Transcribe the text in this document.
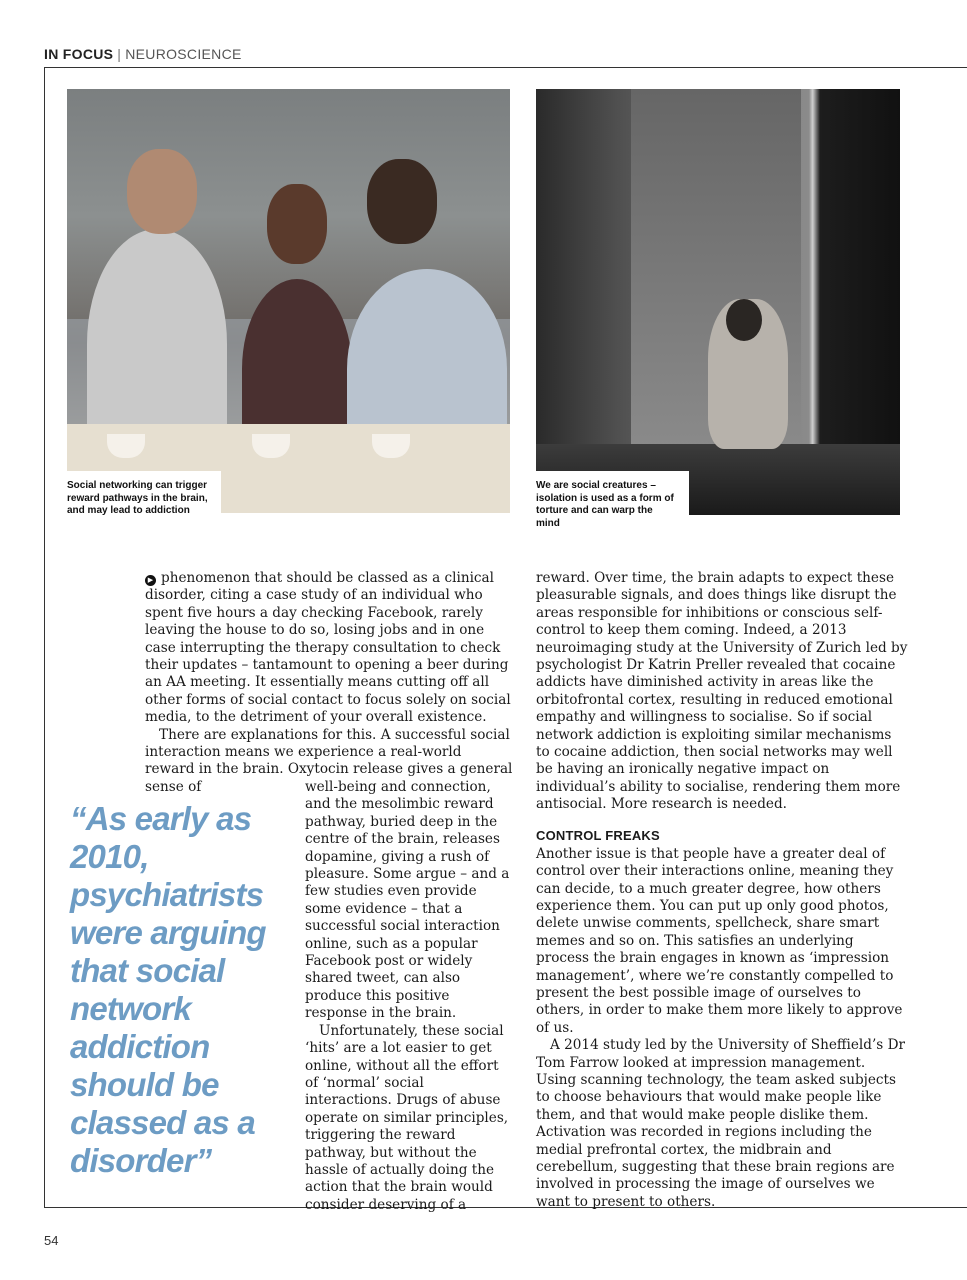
IN FOCUS | NEUROSCIENCE
Social networking can trigger reward pathways in the brain, and may lead to addiction
We are social creatures – isolation is used as a form of torture and can warp the mind

▶ phenomenon that should be classed as a clinical disorder, citing a case study of an individual who spent five hours a day checking Facebook, rarely leaving the house to do so, losing jobs and in one case interrupting the therapy consultation to check their updates – tantamount to opening a beer during an AA meeting. It essentially means cutting off all other forms of social contact to focus solely on social media, to the detriment of your overall existence.

There are explanations for this. A successful social interaction means we experience a real-world reward in the brain. Oxytocin release gives a general sense of

“As early as 2010, psychiatrists were arguing that social network addiction should be classed as a disorder”

well-being and connection, and the mesolimbic reward pathway, buried deep in the centre of the brain, releases dopamine, giving a rush of pleasure. Some argue – and a few studies even provide some evidence – that a successful social interaction online, such as a popular Facebook post or widely shared tweet, can also produce this positive response in the brain.

Unfortunately, these social ‘hits’ are a lot easier to get online, without all the effort of ‘normal’ social interactions. Drugs of abuse operate on similar principles, triggering the reward pathway, but without the hassle of actually doing the action that the brain would consider deserving of a

reward. Over time, the brain adapts to expect these pleasurable signals, and does things like disrupt the areas responsible for inhibitions or conscious self-control to keep them coming. Indeed, a 2013 neuroimaging study at the University of Zurich led by psychologist Dr Katrin Preller revealed that cocaine addicts have diminished activity in areas like the orbitofrontal cortex, resulting in reduced emotional empathy and willingness to socialise. So if social network addiction is exploiting similar mechanisms to cocaine addiction, then social networks may well be having an ironically negative impact on individual’s ability to socialise, rendering them more antisocial. More research is needed.

CONTROL FREAKS

Another issue is that people have a greater deal of control over their interactions online, meaning they can decide, to a much greater degree, how others experience them. You can put up only good photos, delete unwise comments, spellcheck, share smart memes and so on. This satisfies an underlying process the brain engages in known as ‘impression management’, where we’re constantly compelled to present the best possible image of ourselves to others, in order to make them more likely to approve of us.

A 2014 study led by the University of Sheffield’s Dr Tom Farrow looked at impression management. Using scanning technology, the team asked subjects to choose behaviours that would make people like them, and that would make people dislike them. Activation was recorded in regions including the medial prefrontal cortex, the midbrain and cerebellum, suggesting that these brain regions are involved in processing the image of ourselves we want to present to others.

54
